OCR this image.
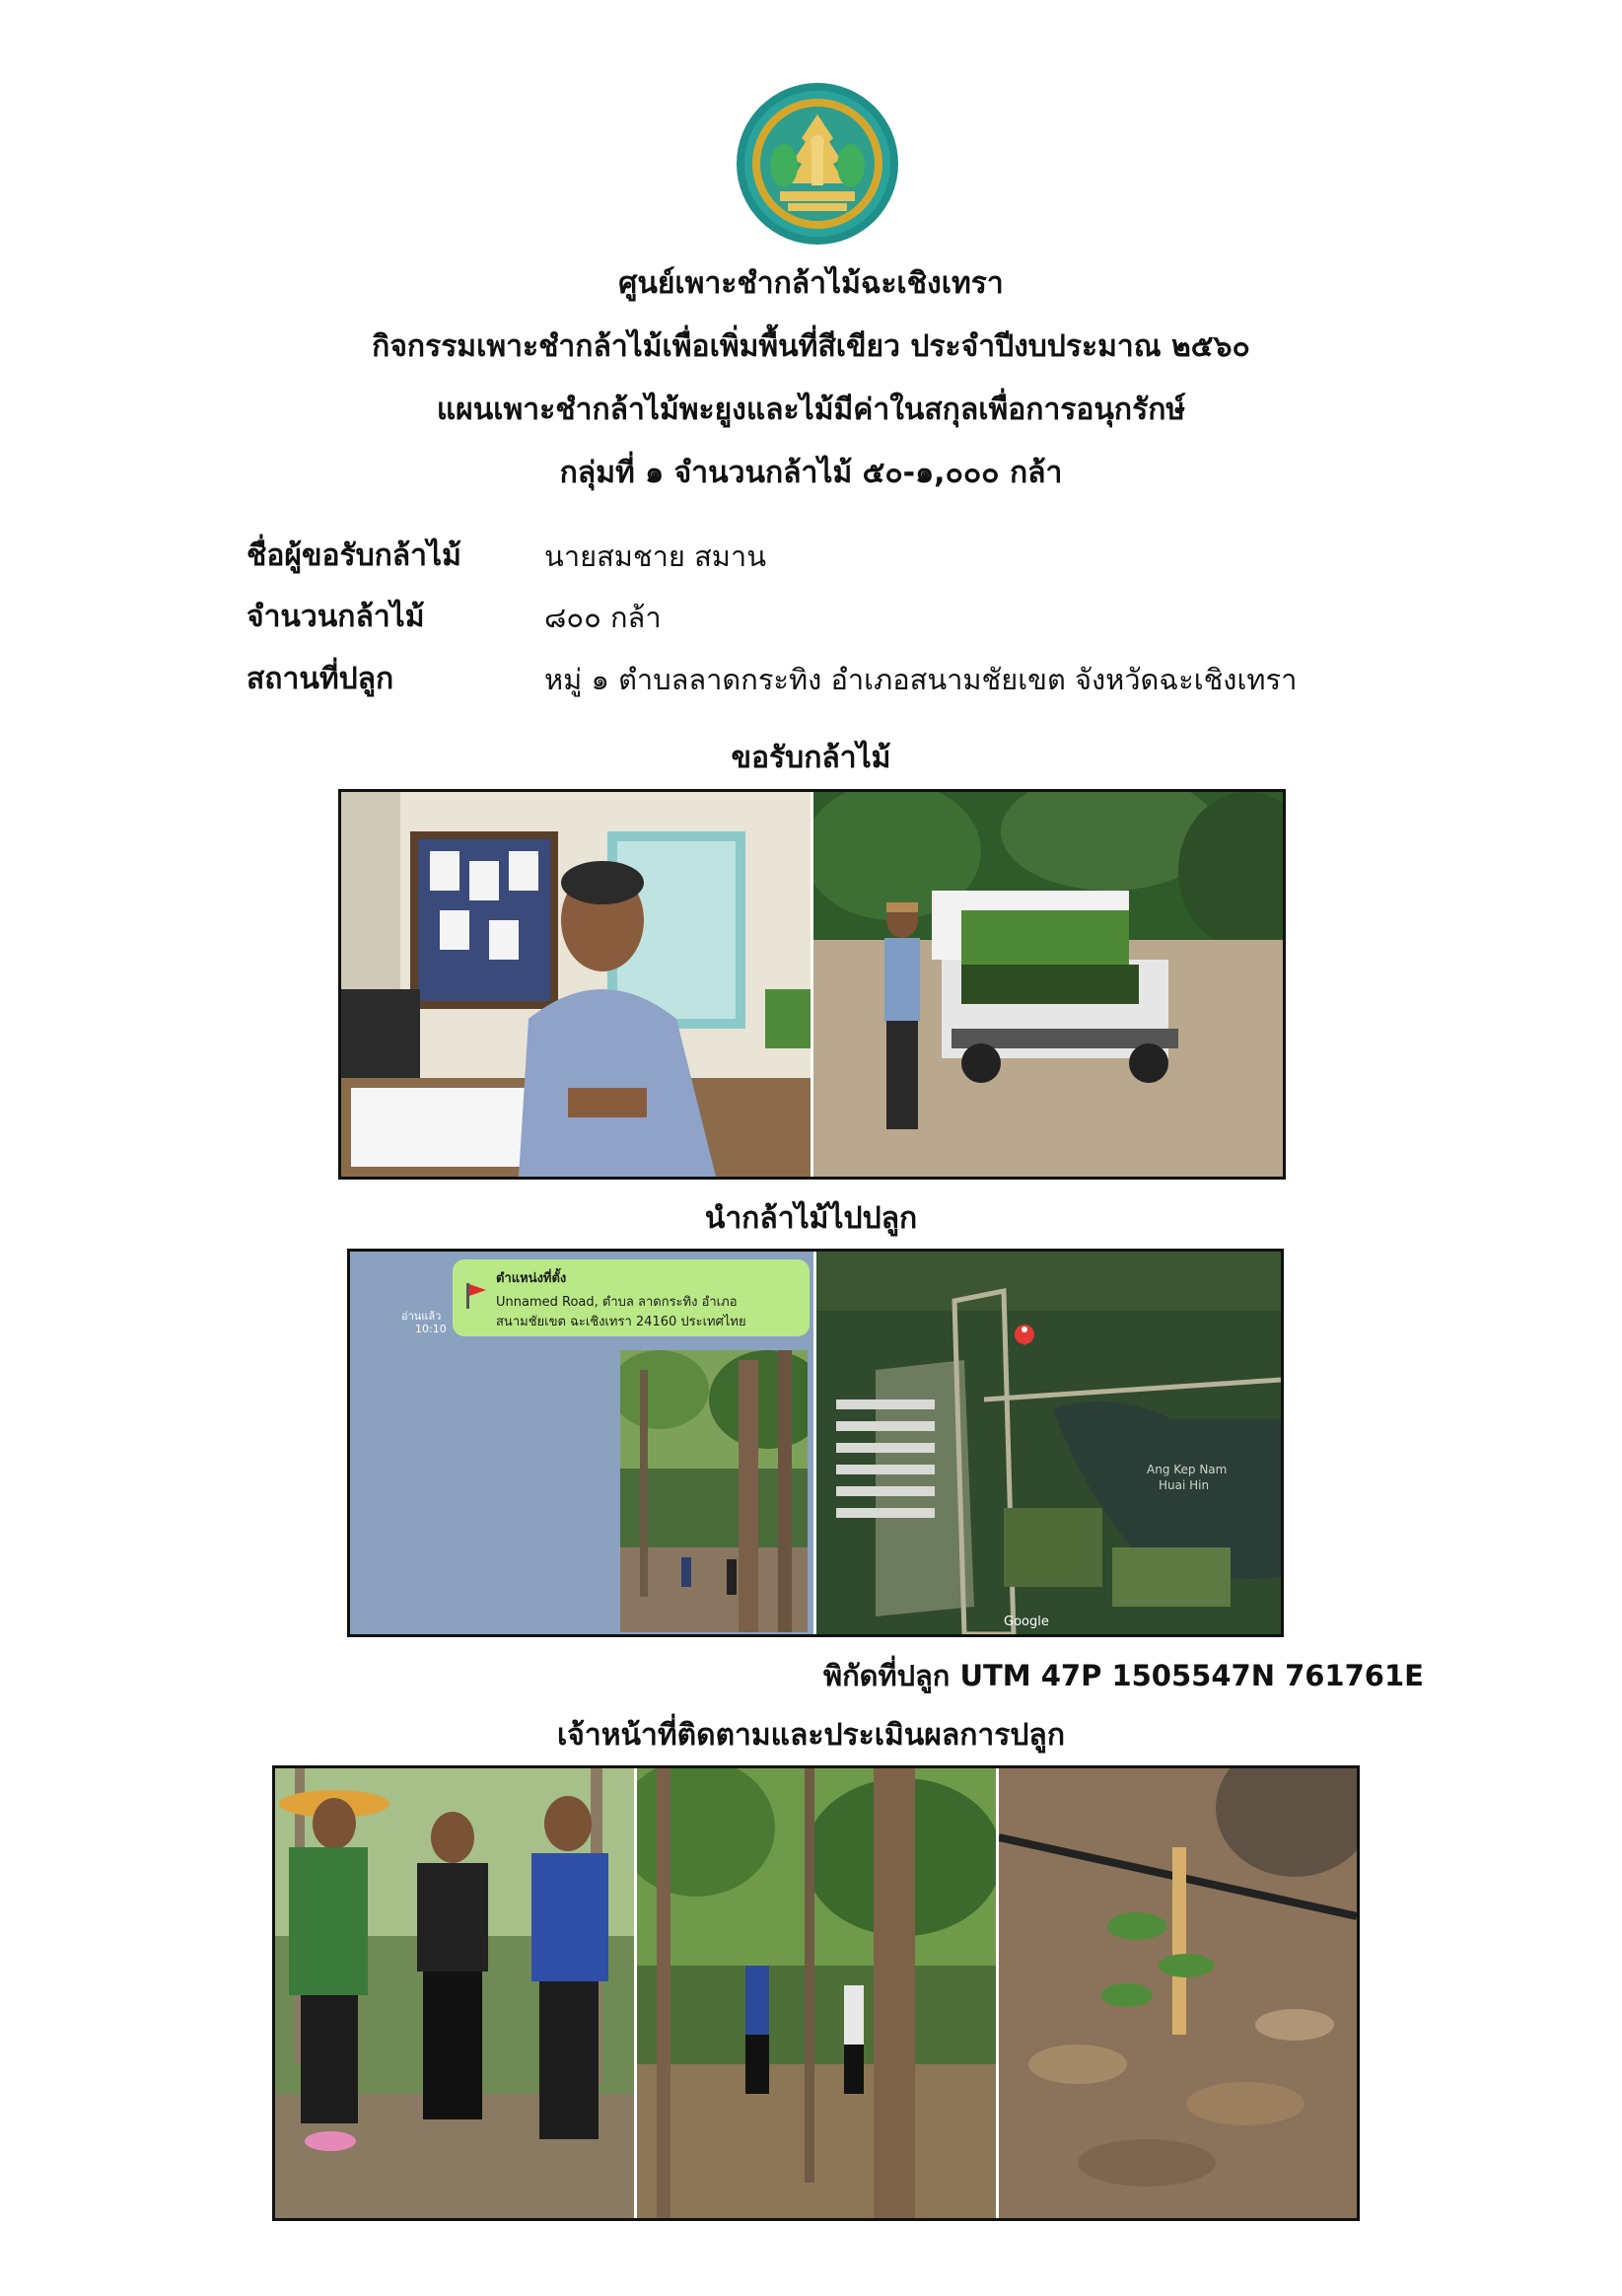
ศูนย์เพาะชำกล้าไม้ฉะเชิงเทรา
กิจกรรมเพาะชำกล้าไม้เพื่อเพิ่มพื้นที่สีเขียว ประจำปีงบประมาณ ๒๕๖๐
แผนเพาะชำกล้าไม้พะยูงและไม้มีค่าในสกุลเพื่อการอนุกรักษ์
กลุ่มที่ ๑ จำนวนกล้าไม้ ๕๐-๑,๐๐๐ กล้า
ชื่อผู้ขอรับกล้าไม้	นายสมชาย สมาน
จำนวนกล้าไม้	๘๐๐ กล้า
สถานที่ปลูก	หมู่ ๑ ตำบลลาดกระทิง อำเภอสนามชัยเขต จังหวัดฉะเชิงเทรา
ขอรับกล้าไม้
นำกล้าไม้ไปปลูก
อ่านแล้ว
10:10
ตำแหน่งที่ตั้ง
Unnamed Road, ตำบล ลาดกระทิง อำเภอ
สนามชัยเขต ฉะเชิงเทรา 24160 ประเทศไทย
Ang Kep Nam
Huai Hin
Google
พิกัดที่ปลูก UTM 47P 1505547N 761761E
เจ้าหน้าที่ติดตามและประเมินผลการปลูก
